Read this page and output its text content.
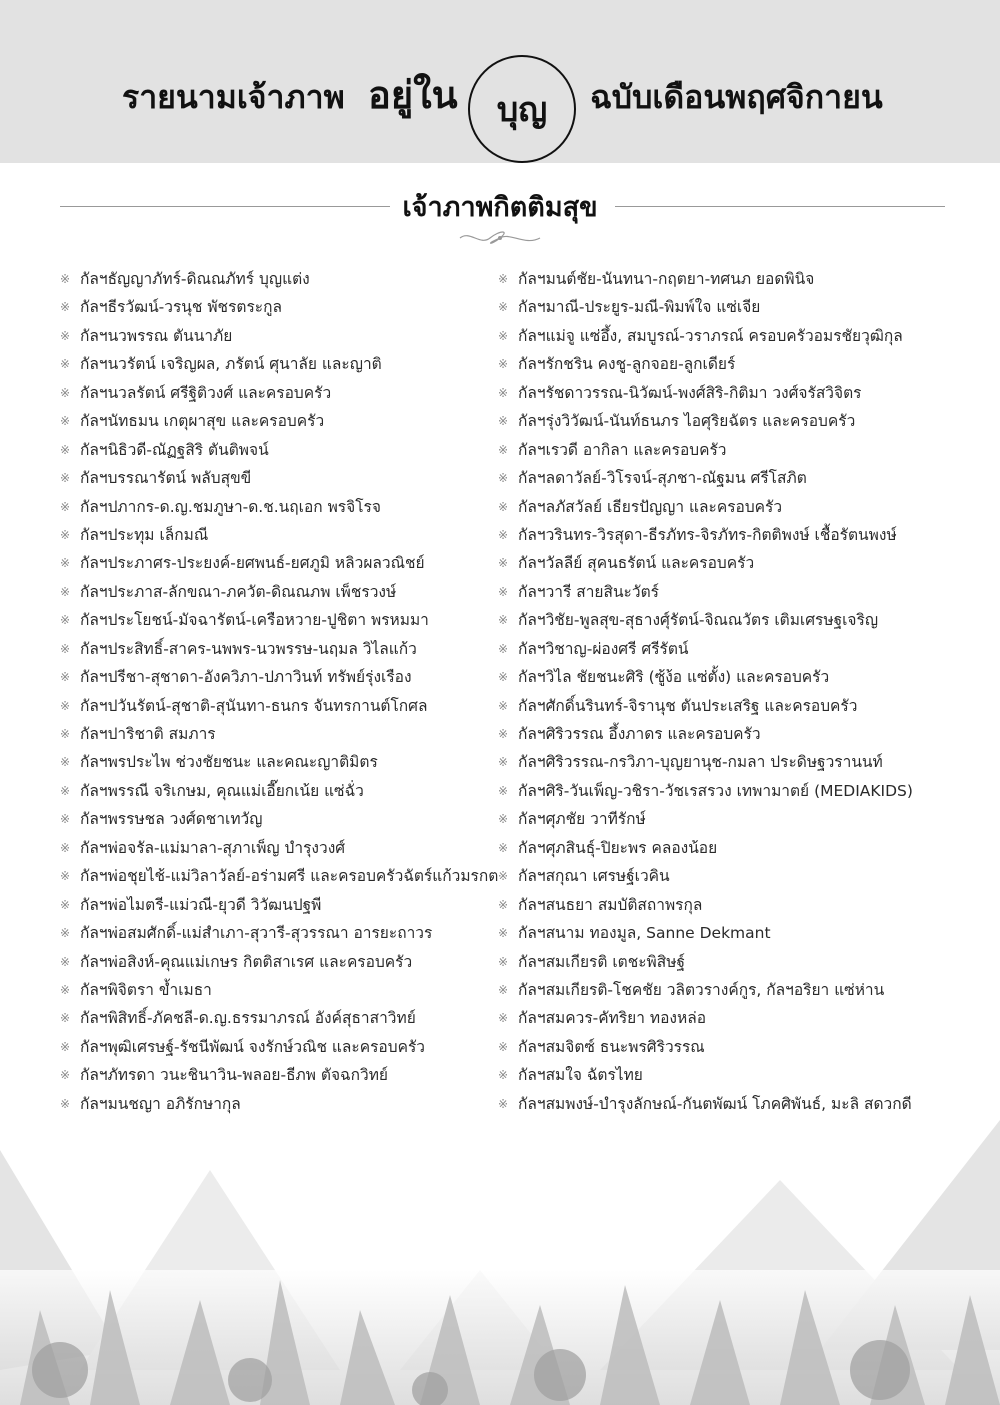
รายนามเจ้าภาพ อยู่ใน บุญ ฉบับเดือนพฤศจิกายน
เจ้าภาพกิตติมสุข
※ กัลฯธัญญาภัทร์-ดิณณภัทร์ บุญแต่ง
※ กัลฯธีรวัฒน์-วรนุช พัชรตระกูล
※ กัลฯนวพรรณ ตันนาภัย
※ กัลฯนวรัตน์ เจริญผล, ภรัตน์ ศุนาลัย และญาติ
※ กัลฯนวลรัตน์ ศรีฐิติวงศ์ และครอบครัว
※ กัลฯนัทธมน เกตุผาสุข และครอบครัว
※ กัลฯนิธิวดี-ณัฏฐสิริ ตันติพจน์
※ กัลฯบรรณารัตน์ พลับสุขขี
※ กัลฯปภากร-ด.ญ.ชมภูษา-ด.ช.นฤเอก พรจิโรจ
※ กัลฯประทุม เล็กมณี
※ กัลฯประภาศร-ประยงค์-ยศพนธ์-ยศภูมิ หลิวผลวณิชย์
※ กัลฯประภาส-ลักขณา-ภควัต-ดิณณภพ เพ็ชรวงษ์
※ กัลฯประโยชน์-มัจฉารัตน์-เครือหวาย-ปูชิตา พรหมมา
※ กัลฯประสิทธิ์-สาคร-นพพร-นวพรรษ-นฤมล วิไลแก้ว
※ กัลฯปรีชา-สุชาดา-อังควิภา-ปภาวินท์ ทรัพย์รุ่งเรือง
※ กัลฯปวันรัตน์-สุชาติ-สุนันทา-ธนกร จันทรกานต์โกศล
※ กัลฯปาริชาติ สมภาร
※ กัลฯพรประไพ ช่วงชัยชนะ และคณะญาติมิตร
※ กัลฯพรรณี จริเกษม, คุณแม่เอี๊ยกเน้ย แซ่ฉั่ว
※ กัลฯพรรษชล วงศ์ดชาเทวัญ
※ กัลฯพ่อจรัล-แม่มาลา-สุภาเพ็ญ บำรุงวงศ์
※ กัลฯพ่อชุยไช้-แม่วิลาวัลย์-อร่ามศรี และครอบครัวฉัตร์แก้วมรกต
※ กัลฯพ่อไมตรี-แม่วณี-ยุวดี วิวัฒนปฐพี
※ กัลฯพ่อสมศักดิ์-แม่สำเภา-สุวารี-สุวรรณา อารยะถาวร
※ กัลฯพ่อสิงห์-คุณแม่เกษร กิตติสาเรศ และครอบครัว
※ กัลฯพิจิตรา ข้ำเมธา
※ กัลฯพิสิทธิ์-ภัคชลี-ด.ญ.ธรรมาภรณ์ อังค์สุธาสาวิทย์
※ กัลฯพุฒิเศรษฐ์-รัชนีพัฒน์ จงรักษ์วณิช และครอบครัว
※ กัลฯภัทรดา วนะชินาวิน-พลอย-ธีภพ ตัจฉกวิทย์
※ กัลฯมนชญา อภิรักษากุล
※ กัลฯมนต์ชัย-นันทนา-กฤตยา-ทศนภ ยอดพินิจ
※ กัลฯมาณี-ประยูร-มณี-พิมพ์ใจ แซ่เจีย
※ กัลฯแม่จู แซ่อึ้ง, สมบูรณ์-วราภรณ์ ครอบครัวอมรชัยวุฒิกุล
※ กัลฯรักชริน คงชู-ลูกจอย-ลูกเดียร์
※ กัลฯรัชดาวรรณ-นิวัฒน์-พงศ์สิริ-กิติมา วงศ์จรัสวิจิตร
※ กัลฯรุ่งวิวัฒน์-นันท์ธนภร ไอศุริยฉัตร และครอบครัว
※ กัลฯเรวดี อากิลา และครอบครัว
※ กัลฯลดาวัลย์-วิโรจน์-สุภชา-ณัฐมน ศรีโสภิต
※ กัลฯลภัสวัลย์ เธียรปัญญา และครอบครัว
※ กัลฯวรินทร-วิรสุดา-ธีรภัทร-จิรภัทร-กิตติพงษ์ เชื้อรัตนพงษ์
※ กัลฯวัลลีย์ สุคนธรัตน์ และครอบครัว
※ กัลฯวารี สายสินะวัตร์
※ กัลฯวิชัย-พูลสุข-สุธางศุ์รัตน์-จิณณวัตร เติมเศรษฐเจริญ
※ กัลฯวิชาญ-ผ่องศรี ศรีรัตน์
※ กัลฯวิไล ชัยชนะศิริ (ซู้ง้อ แซ่ตั้ง) และครอบครัว
※ กัลฯศักดิ์นรินทร์-จิรานุช ตันประเสริฐ และครอบครัว
※ กัลฯศิริวรรณ อึ้งภาดร และครอบครัว
※ กัลฯศิริวรรณ-กรวิภา-บุญยานุช-กมลา ประดิษฐวรานนท์
※ กัลฯศิริ-วันเพ็ญ-วชิรา-วัชเรสรวง เทพามาตย์ (MEDIAKIDS)
※ กัลฯศุภชัย วาทีรักษ์
※ กัลฯศุภสินธุ์-ปิยะพร คลองน้อย
※ กัลฯสกุณา เศรษฐ์เวคิน
※ กัลฯสนธยา สมบัติสถาพรกุล
※ กัลฯสนาม ทองมูล, Sanne Dekmant
※ กัลฯสมเกียรติ เตชะพิสิษฐ์
※ กัลฯสมเกียรติ-โชคชัย วลิตวรางค์กูร, กัลฯอริยา แซ่ห่าน
※ กัลฯสมควร-คัทริยา ทองหล่อ
※ กัลฯสมจิตซ์ ธนะพรศิริวรรณ
※ กัลฯสมใจ ฉัตรไทย
※ กัลฯสมพงษ์-บำรุงลักษณ์-กันตพัฒน์ โภคศิพันธ์, มะลิ สดวกดี
